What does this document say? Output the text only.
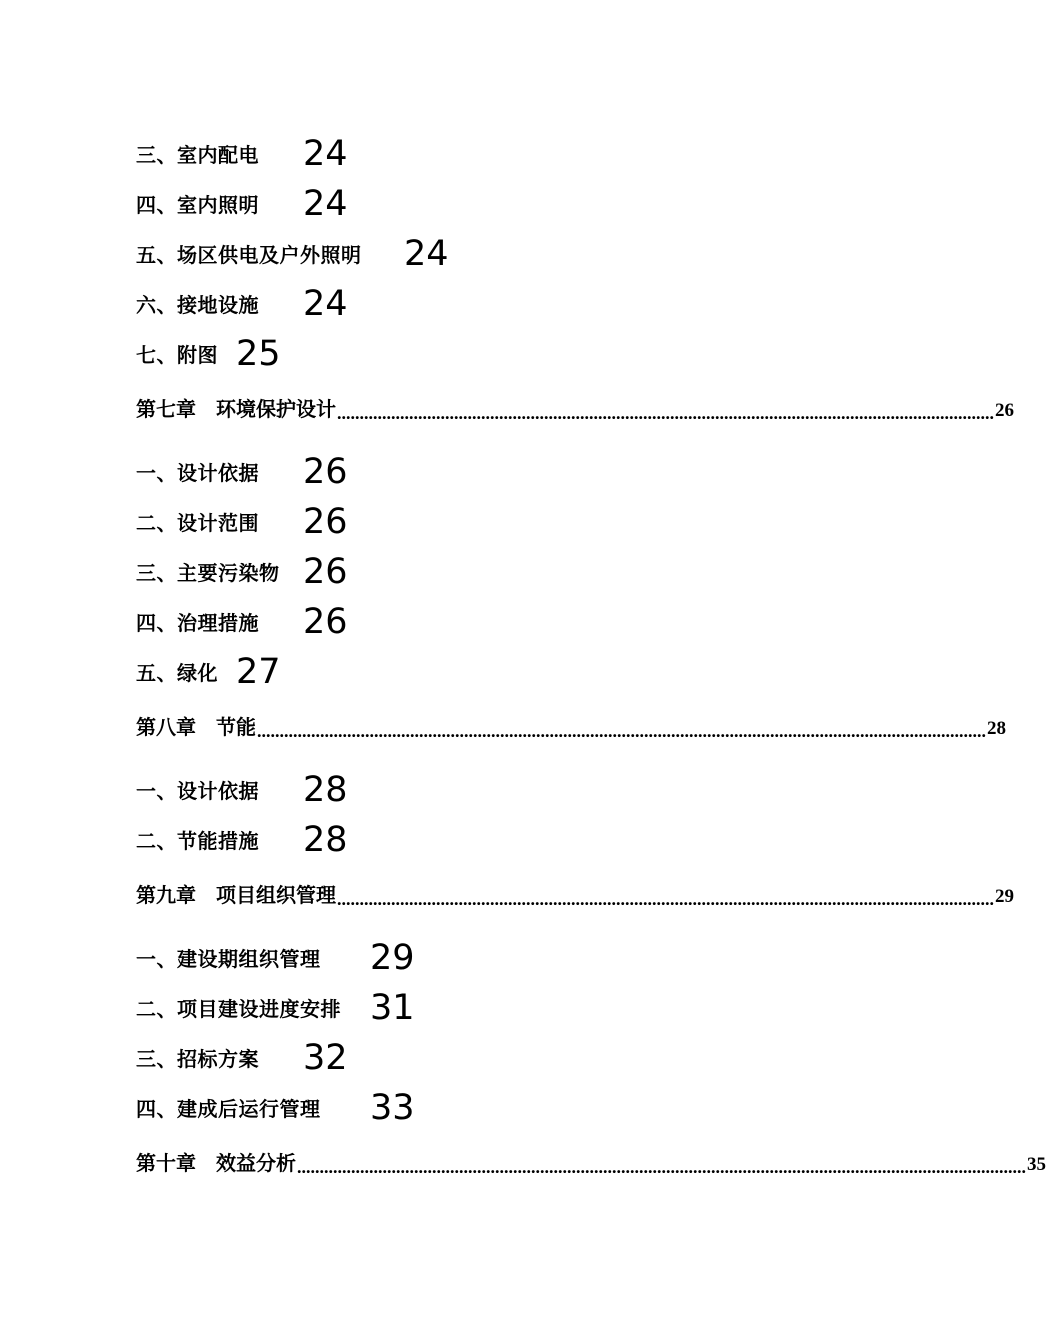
三、室内配电 24
四、室内照明 24
五、场区供电及户外照明 24
六、接地设施 24
七、附图 25
第七章　环境保护设计 .................................................................................................................................................. 26
一、设计依据 26
二、设计范围 26
三、主要污染物 26
四、治理措施 26
五、绿化 27
第八章　节能 .................................................................................................................................................................. 28
一、设计依据 28
二、节能措施 28
第九章　项目组织管理 .................................................................................................................................................. 29
一、建设期组织管理 29
二、项目建设进度安排 31
三、招标方案 32
四、建成后运行管理 33
第十章　效益分析 .................................................................................................................................................................. 35
